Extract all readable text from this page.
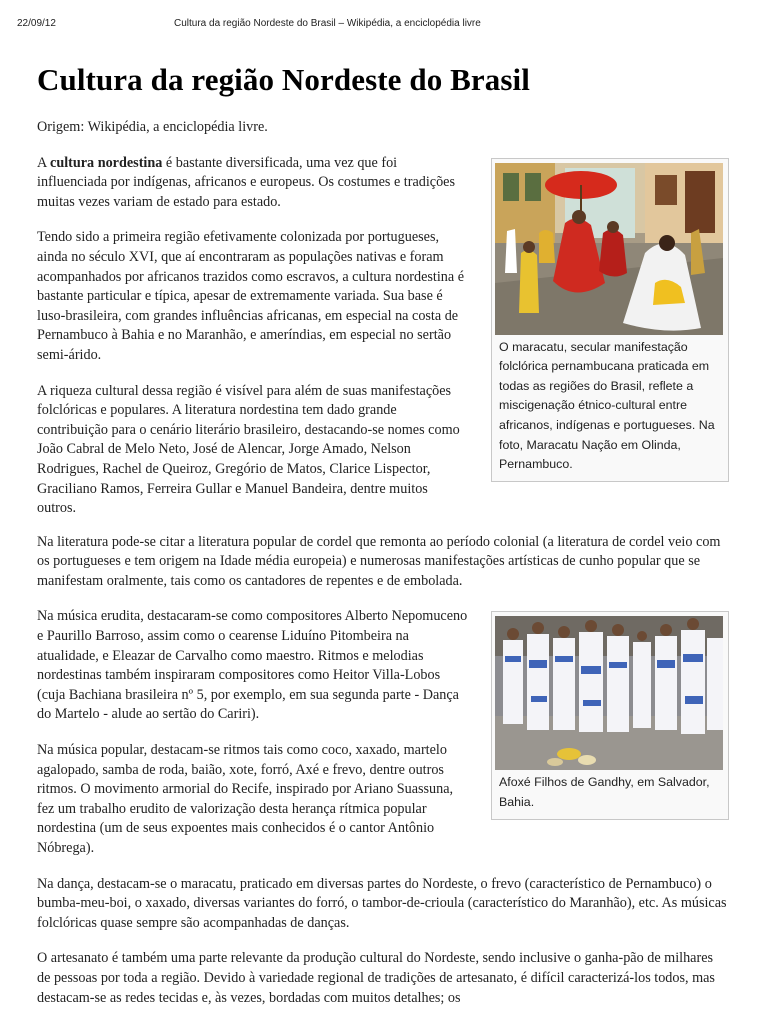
22/09/12	Cultura da região Nordeste do Brasil – Wikipédia, a enciclopédia livre
Cultura da região Nordeste do Brasil

Origem: Wikipédia, a enciclopédia livre.

O maracatu, secular manifestação folclórica pernambucana praticada em todas as regiões do Brasil, reflete a miscigenação étnico-cultural entre africanos, indígenas e portugueses. Na foto, Maracatu Nação em Olinda, Pernambuco.

A cultura nordestina é bastante diversificada, uma vez que foi influenciada por indígenas, africanos e europeus. Os costumes e tradições muitas vezes variam de estado para estado.

Tendo sido a primeira região efetivamente colonizada por portugueses, ainda no século XVI, que aí encontraram as populações nativas e foram acompanhados por africanos trazidos como escravos, a cultura nordestina é bastante particular e típica, apesar de extremamente variada. Sua base é luso-brasileira, com grandes influências africanas, em especial na costa de Pernambuco à Bahia e no Maranhão, e ameríndias, em especial no sertão semi-árido.

A riqueza cultural dessa região é visível para além de suas manifestações folclóricas e populares. A literatura nordestina tem dado grande contribuição para o cenário literário brasileiro, destacando-se nomes como João Cabral de Melo Neto, José de Alencar, Jorge Amado, Nelson Rodrigues, Rachel de Queiroz, Gregório de Matos, Clarice Lispector, Graciliano Ramos, Ferreira Gullar e Manuel Bandeira, dentre muitos outros.

Na literatura pode-se citar a literatura popular de cordel que remonta ao período colonial (a literatura de cordel veio com os portugueses e tem origem na Idade média europeia) e numerosas manifestações artísticas de cunho popular que se manifestam oralmente, tais como os cantadores de repentes e de embolada.

Afoxé Filhos de Gandhy, em Salvador, Bahia.

Na música erudita, destacaram-se como compositores Alberto Nepomuceno e Paurillo Barroso, assim como o cearense Liduíno Pitombeira na atualidade, e Eleazar de Carvalho como maestro. Ritmos e melodias nordestinas também inspiraram compositores como Heitor Villa-Lobos (cuja Bachiana brasileira nº 5, por exemplo, em sua segunda parte - Dança do Martelo - alude ao sertão do Cariri).

Na música popular, destacam-se ritmos tais como coco, xaxado, martelo agalopado, samba de roda, baião, xote, forró, Axé e frevo, dentre outros ritmos. O movimento armorial do Recife, inspirado por Ariano Suassuna, fez um trabalho erudito de valorização desta herança rítmica popular nordestina (um de seus expoentes mais conhecidos é o cantor Antônio Nóbrega).

Na dança, destacam-se o maracatu, praticado em diversas partes do Nordeste, o frevo (característico de Pernambuco) o bumba-meu-boi, o xaxado, diversas variantes do forró, o tambor-de-crioula (característico do Maranhão), etc. As músicas folclóricas quase sempre são acompanhadas de danças.

O artesanato é também uma parte relevante da produção cultural do Nordeste, sendo inclusive o ganha-pão de milhares de pessoas por toda a região. Devido à variedade regional de tradições de artesanato, é difícil caracterizá-los todos, mas destacam-se as redes tecidas e, às vezes, bordadas com muitos detalhes; os
